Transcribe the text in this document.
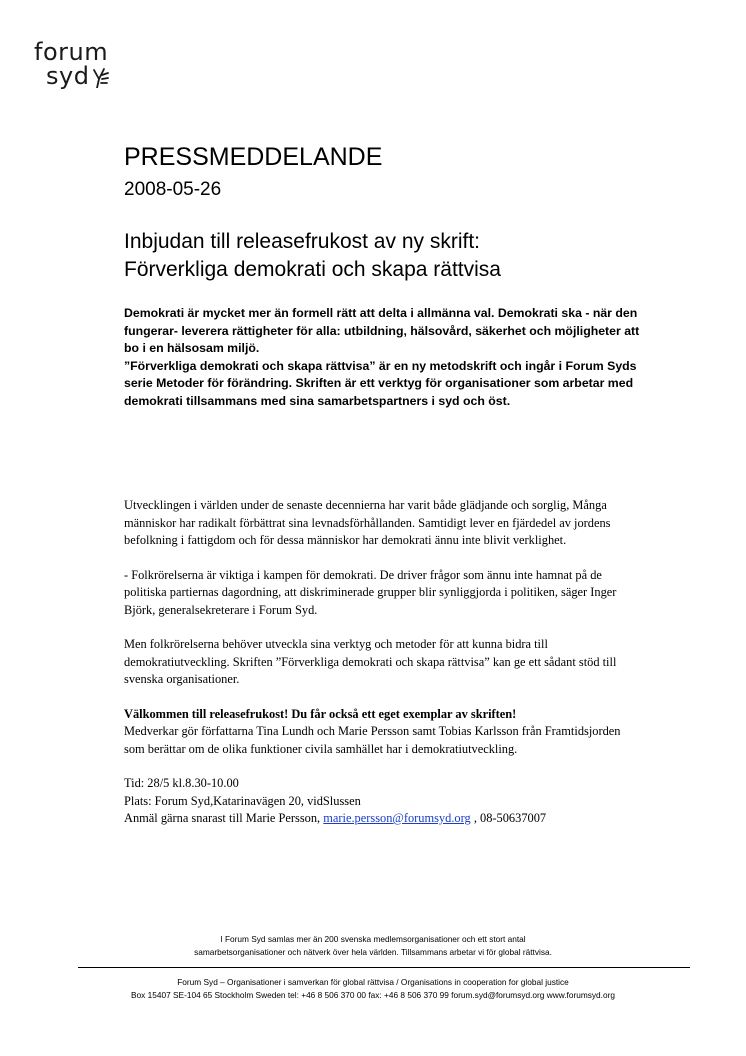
forum
syd
PRESSMEDDELANDE
2008-05-26
Inbjudan till releasefrukost av ny skrift:
Förverkliga demokrati och skapa rättvisa

Demokrati är mycket mer än formell rätt att delta i allmänna val. Demokrati ska - när den fungerar- leverera rättigheter för alla: utbildning, hälsovård, säkerhet och möjligheter att bo i en hälsosam miljö.

”Förverkliga demokrati och skapa rättvisa” är en ny metodskrift och ingår i Forum Syds serie Metoder för förändring. Skriften är ett verktyg för organisationer som arbetar med demokrati tillsammans med sina samarbetspartners i syd och öst.

Utvecklingen i världen under de senaste decennierna har varit både glädjande och sorglig, Många människor har radikalt förbättrat sina levnadsförhållanden. Samtidigt lever en fjärdedel av jordens befolkning i fattigdom och för dessa människor har demokrati ännu inte blivit verklighet.

- Folkrörelserna är viktiga i kampen för demokrati. De driver frågor som ännu inte hamnat på de politiska partiernas dagordning, att diskriminerade grupper blir synliggjorda i politiken, säger Inger Björk, generalsekreterare i Forum Syd.

Men folkrörelserna behöver utveckla sina verktyg och metoder för att kunna bidra till demokratiutveckling. Skriften ”Förverkliga demokrati och skapa rättvisa” kan ge ett sådant stöd till svenska organisationer.

Välkommen till releasefrukost! Du får också ett eget exemplar av skriften!
Medverkar gör författarna Tina Lundh och Marie Persson samt Tobias Karlsson från Framtidsjorden som berättar om de olika funktioner civila samhället har i demokratiutveckling.

Tid: 28/5 kl.8.30-10.00
Plats: Forum Syd,Katarinavägen 20, vidSlussen
Anmäl gärna snarast till Marie Persson, marie.persson@forumsyd.org , 08-50637007

I Forum Syd samlas mer än 200 svenska medlemsorganisationer och ett stort antal
samarbetsorganisationer och nätverk över hela världen. Tillsammans arbetar vi för global rättvisa.
Forum Syd – Organisationer i samverkan för global rättvisa / Organisations in cooperation for global justice
Box 15407 SE-104 65 Stockholm Sweden tel: +46 8 506 370 00 fax: +46 8 506 370 99 forum.syd@forumsyd.org www.forumsyd.org
